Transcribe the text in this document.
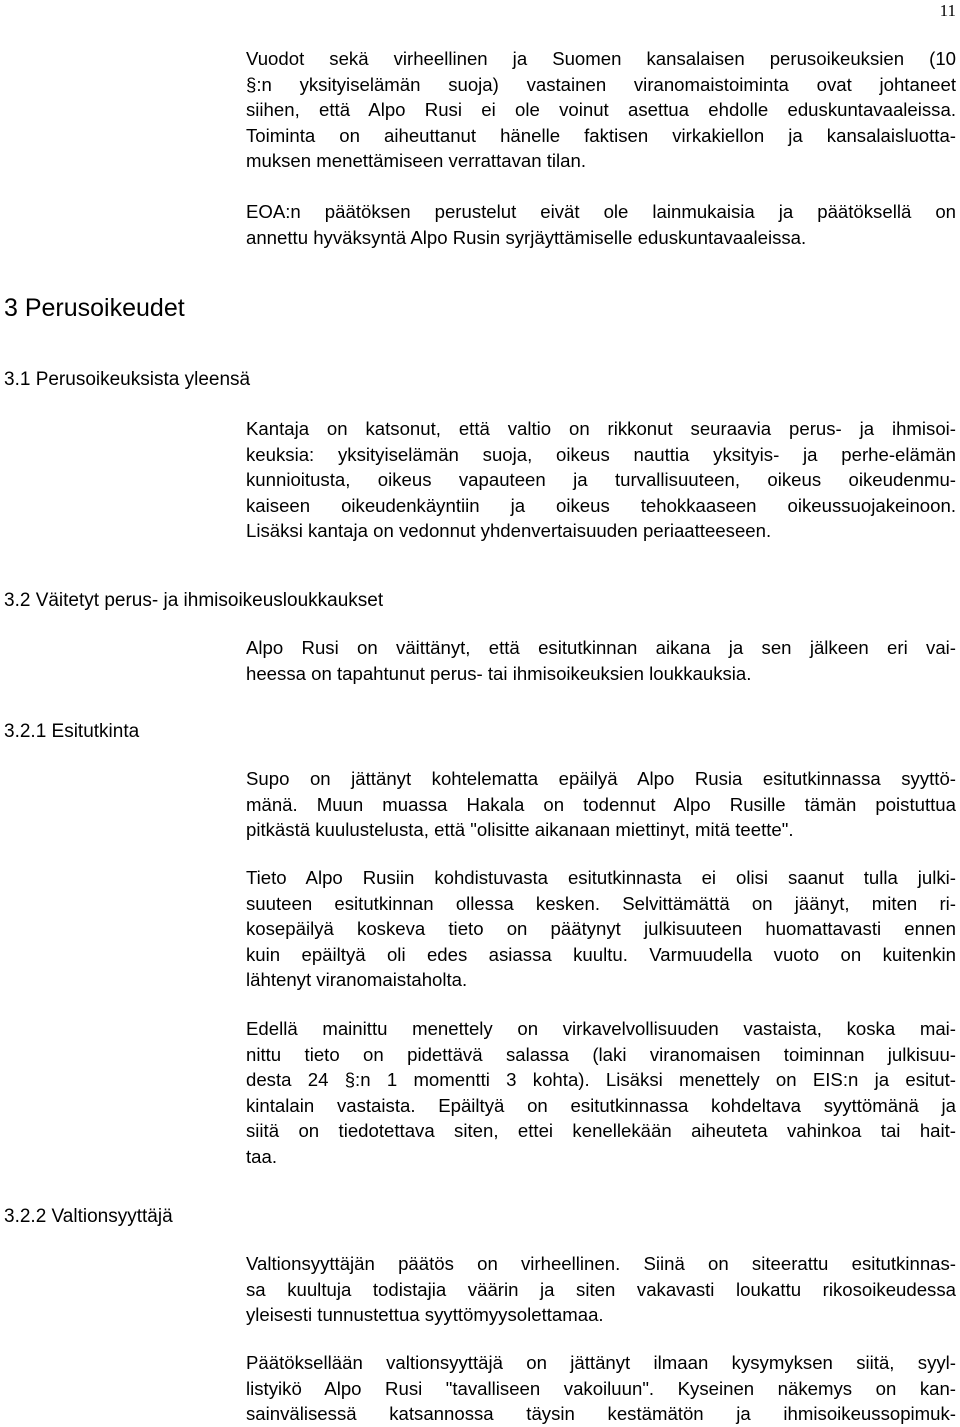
11
Vuodot sekä virheellinen ja Suomen kansalaisen perusoikeuksien (10
§:n yksityiselämän suoja) vastainen viranomaistoiminta ovat johtaneet
siihen, että Alpo Rusi ei ole voinut asettua ehdolle eduskuntavaaleissa.
Toiminta on aiheuttanut hänelle faktisen virkakiellon ja kansalaisluotta-
muksen menettämiseen verrattavan tilan.
EOA:n päätöksen perustelut eivät ole lainmukaisia ja päätöksellä on
annettu hyväksyntä Alpo Rusin syrjäyttämiselle eduskuntavaaleissa.
3 Perusoikeudet
3.1 Perusoikeuksista yleensä
Kantaja on katsonut, että valtio on rikkonut seuraavia perus- ja ihmisoi-
keuksia: yksityiselämän suoja, oikeus nauttia yksityis- ja perhe-elämän
kunnioitusta, oikeus vapauteen ja turvallisuuteen, oikeus oikeudenmu-
kaiseen oikeudenkäyntiin ja oikeus tehokkaaseen oikeussuojakeinoon.
Lisäksi kantaja on vedonnut yhdenvertaisuuden periaatteeseen.
3.2 Väitetyt perus- ja ihmisoikeusloukkaukset
Alpo Rusi on väittänyt, että esitutkinnan aikana ja sen jälkeen eri vai-
heessa on tapahtunut perus- tai ihmisoikeuksien loukkauksia.
3.2.1 Esitutkinta
Supo on jättänyt kohtelematta epäilyä Alpo Rusia esitutkinnassa syyttö-
mänä. Muun muassa Hakala on todennut Alpo Rusille tämän poistuttua
pitkästä kuulustelusta, että "olisitte aikanaan miettinyt, mitä teette".
Tieto Alpo Rusiin kohdistuvasta esitutkinnasta ei olisi saanut tulla julki-
suuteen esitutkinnan ollessa kesken. Selvittämättä on jäänyt, miten ri-
kosepäilyä koskeva tieto on päätynyt julkisuuteen huomattavasti ennen
kuin epäiltyä oli edes asiassa kuultu. Varmuudella vuoto on kuitenkin
lähtenyt viranomaistaholta.
Edellä mainittu menettely on virkavelvollisuuden vastaista, koska mai-
nittu tieto on pidettävä salassa (laki viranomaisen toiminnan julkisuu-
desta 24 §:n 1 momentti 3 kohta). Lisäksi menettely on EIS:n ja esitut-
kintalain vastaista. Epäiltyä on esitutkinnassa kohdeltava syyttömänä ja
siitä on tiedotettava siten, ettei kenellekään aiheuteta vahinkoa tai hait-
taa.
3.2.2 Valtionsyyttäjä
Valtionsyyttäjän päätös on virheellinen. Siinä on siteerattu esitutkinnas-
sa kuultuja todistajia väärin ja siten vakavasti loukattu rikosoikeudessa
yleisesti tunnustettua syyttömyysolettamaa.
Päätöksellään valtionsyyttäjä on jättänyt ilmaan kysymyksen siitä, syyl-
listyikö Alpo Rusi "tavalliseen vakoiluun". Kyseinen näkemys on kan-
sainvälisessä katsannossa täysin kestämätön ja ihmisoikeussopimuk-
